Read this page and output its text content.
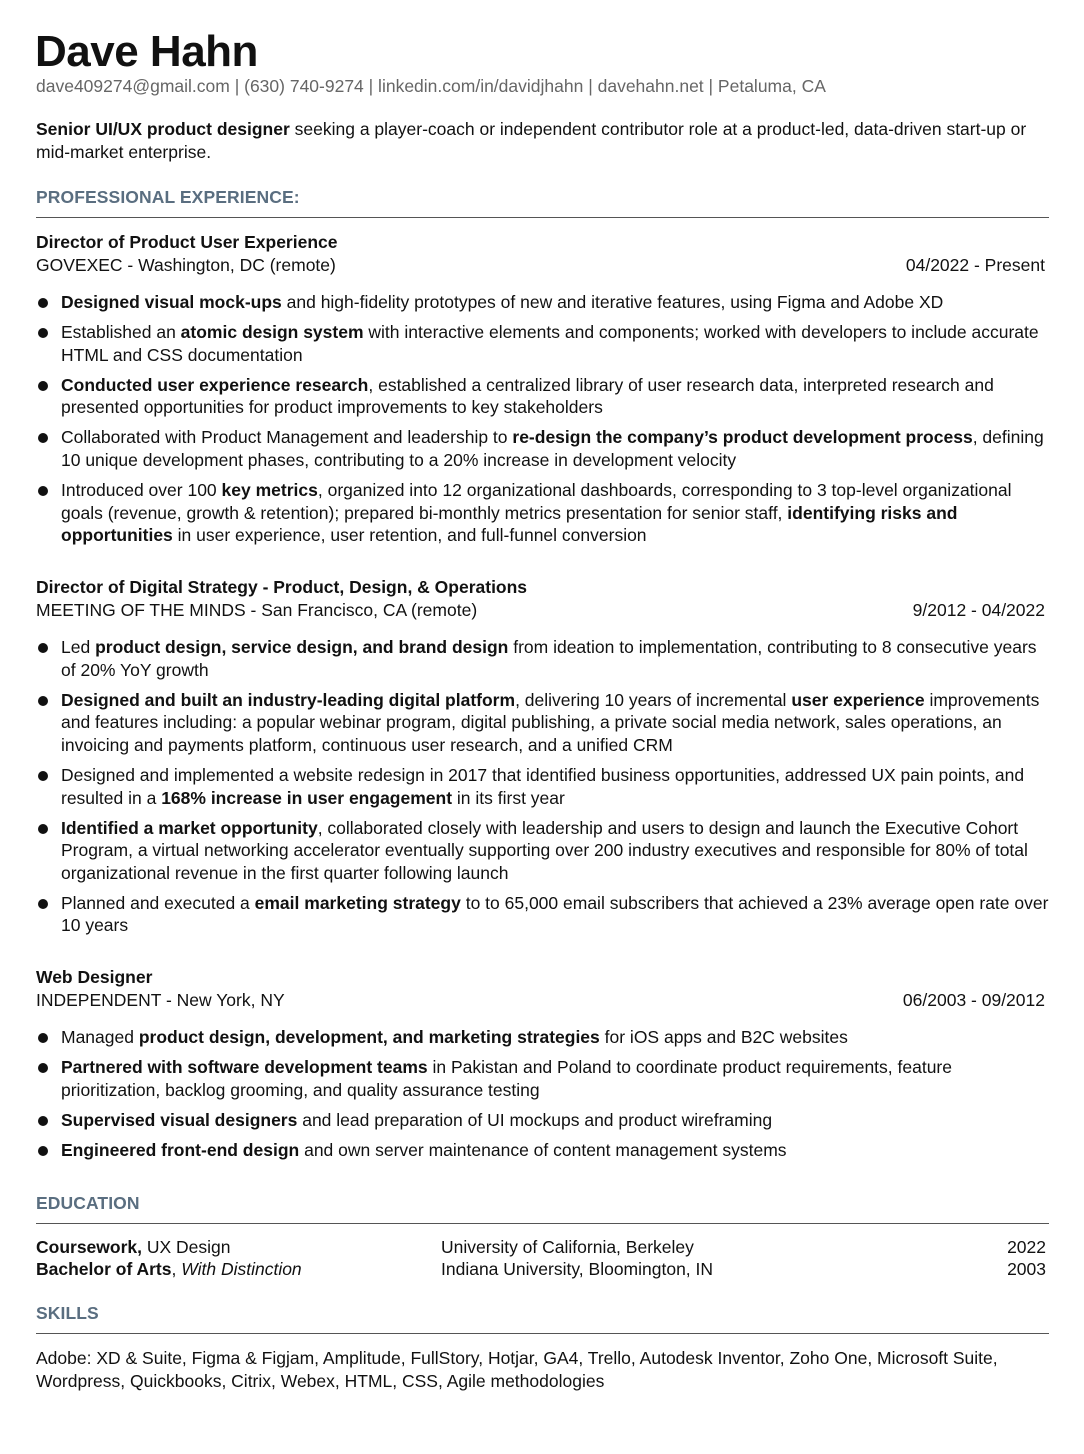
Dave Hahn
dave409274@gmail.com | (630) 740-9274 | linkedin.com/in/davidjhahn | davehahn.net | Petaluma, CA
Senior UI/UX product designer seeking a player-coach or independent contributor role at a product-led, data-driven start-up or mid-market enterprise.
PROFESSIONAL EXPERIENCE:
Director of Product User Experience
GOVEXEC - Washington, DC (remote)	04/2022 - Present
Designed visual mock-ups and high-fidelity prototypes of new and iterative features, using Figma and Adobe XD
Established an atomic design system with interactive elements and components; worked with developers to include accurate HTML and CSS documentation
Conducted user experience research, established a centralized library of user research data, interpreted research and presented opportunities for product improvements to key stakeholders
Collaborated with Product Management and leadership to re-design the company’s product development process, defining 10 unique development phases, contributing to a 20% increase in development velocity
Introduced over 100 key metrics, organized into 12 organizational dashboards, corresponding to 3 top-level organizational goals (revenue, growth & retention); prepared bi-monthly metrics presentation for senior staff, identifying risks and opportunities in user experience, user retention, and full-funnel conversion
Director of Digital Strategy - Product, Design, & Operations
MEETING OF THE MINDS - San Francisco, CA (remote)	9/2012 - 04/2022
Led product design, service design, and brand design from ideation to implementation, contributing to 8 consecutive years of 20% YoY growth
Designed and built an industry-leading digital platform, delivering 10 years of incremental user experience improvements and features including: a popular webinar program, digital publishing, a private social media network, sales operations, an invoicing and payments platform, continuous user research, and a unified CRM
Designed and implemented a website redesign in 2017 that identified business opportunities, addressed UX pain points, and resulted in a 168% increase in user engagement in its first year
Identified a market opportunity, collaborated closely with leadership and users to design and launch the Executive Cohort Program, a virtual networking accelerator eventually supporting over 200 industry executives and responsible for 80% of total organizational revenue in the first quarter following launch
Planned and executed a email marketing strategy to to 65,000 email subscribers that achieved a 23% average open rate over 10 years
Web Designer
INDEPENDENT - New York, NY	06/2003 - 09/2012
Managed product design, development, and marketing strategies for iOS apps and B2C websites
Partnered with software development teams in Pakistan and Poland to coordinate product requirements, feature prioritization, backlog grooming, and quality assurance testing
Supervised visual designers and lead preparation of UI mockups and product wireframing
Engineered front-end design and own server maintenance of content management systems
EDUCATION
Coursework, UX Design	University of California, Berkeley	2022
Bachelor of Arts, With Distinction	Indiana University, Bloomington, IN	2003
SKILLS
Adobe: XD & Suite, Figma & Figjam, Amplitude, FullStory, Hotjar, GA4, Trello, Autodesk Inventor, Zoho One, Microsoft Suite, Wordpress, Quickbooks, Citrix, Webex, HTML, CSS, Agile methodologies
